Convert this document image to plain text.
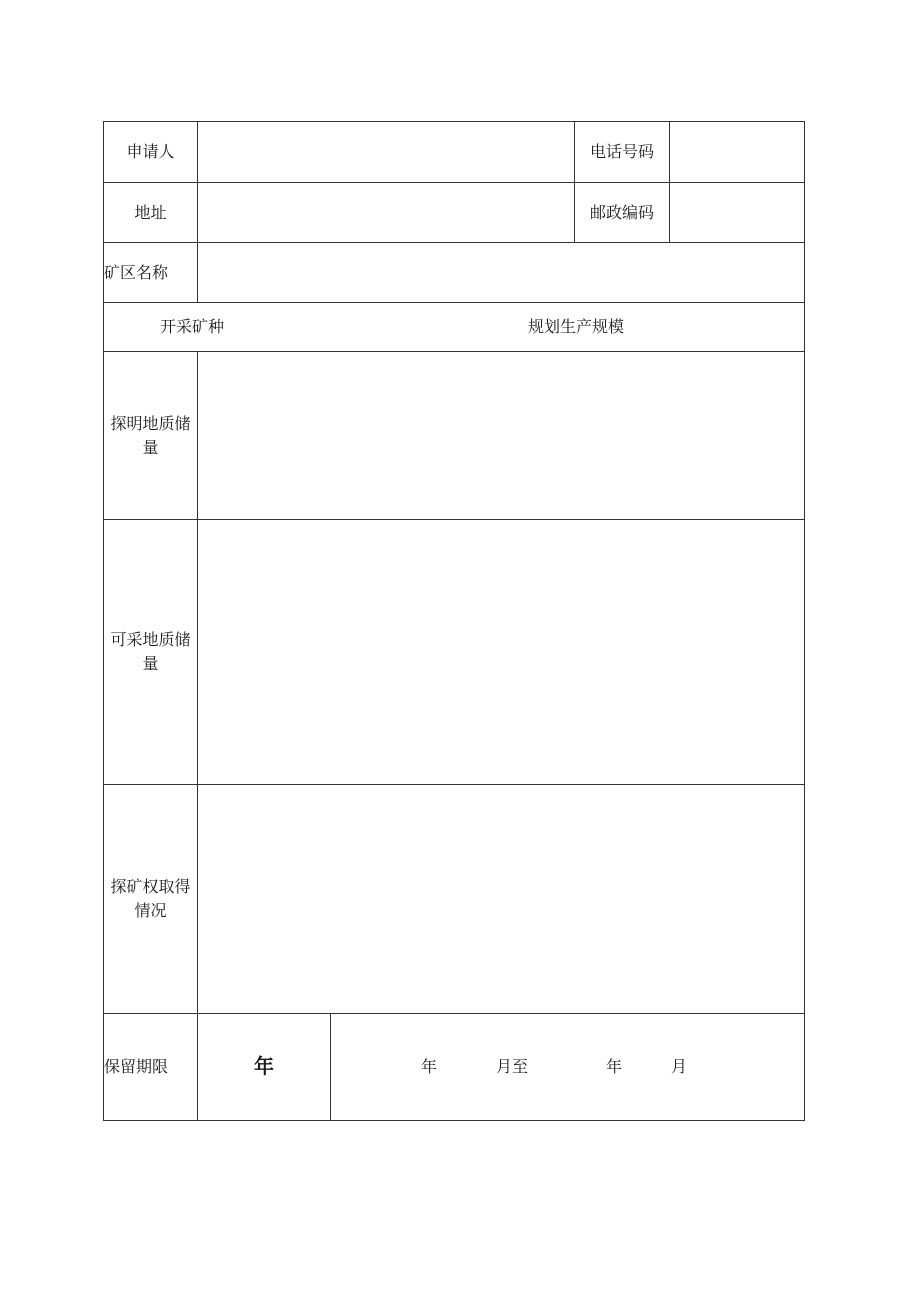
申请人	电话号码
地址	邮政编码
矿区名称
开采矿种	规划生产规模
探明地质储量
可采地质储量
探矿权取得情况
保留期限	年	年	月至	年	月
